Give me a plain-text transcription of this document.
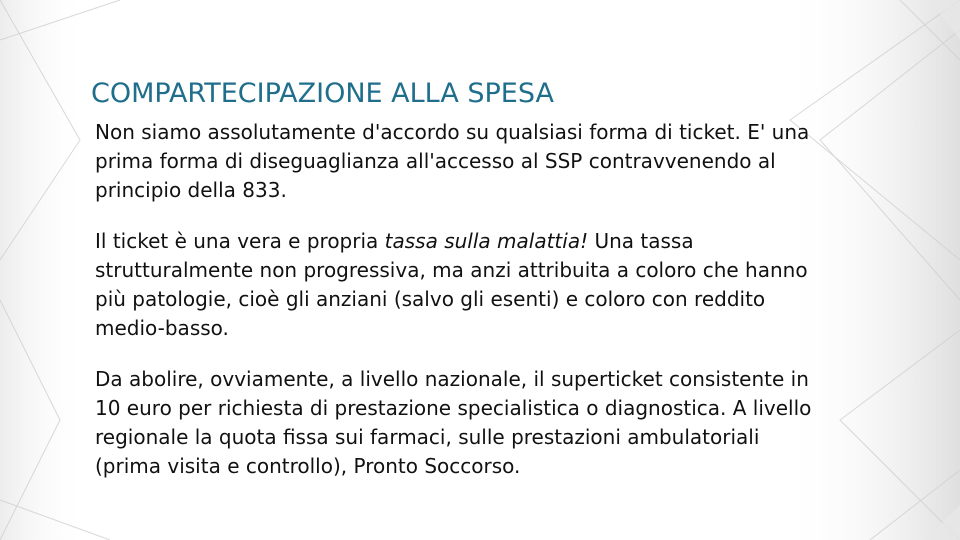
COMPARTECIPAZIONE ALLA SPESA

Non siamo assolutamente d'accordo su qualsiasi forma di ticket. E' una prima forma di diseguaglianza all'accesso al SSP contravvenendo al principio della 833.

Il ticket è una vera e propria tassa sulla malattia! Una tassa strutturalmente non progressiva, ma anzi attribuita a coloro che hanno più patologie, cioè gli anziani (salvo gli esenti) e coloro con reddito medio-basso.

Da abolire, ovviamente, a livello nazionale, il superticket consistente in 10 euro per richiesta di prestazione specialistica o diagnostica. A livello regionale la quota fissa sui farmaci, sulle prestazioni ambulatoriali (prima visita e controllo), Pronto Soccorso.
